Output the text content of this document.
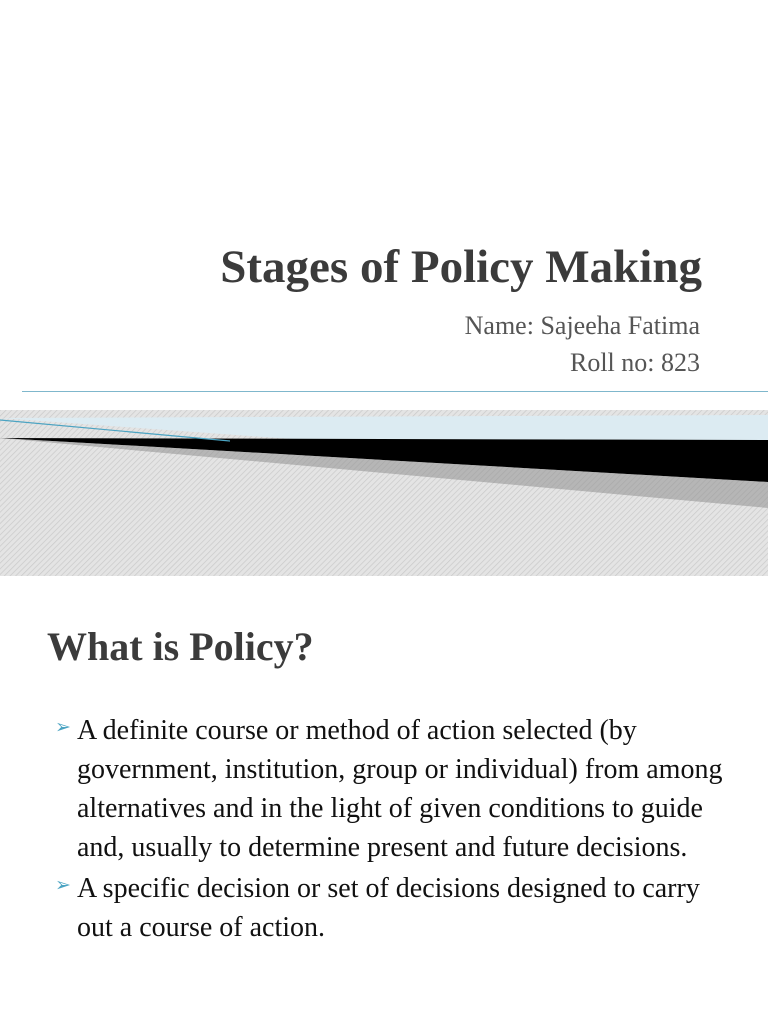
Stages of Policy Making
Name: Sajeeha Fatima
Roll no: 823
What is Policy?
➢ A definite course or method of action selected (by government, institution, group or individual) from among alternatives and in the light of given conditions to guide and, usually to determine present and future decisions.
➢ A specific decision or set of decisions designed to carry out a course of action.
